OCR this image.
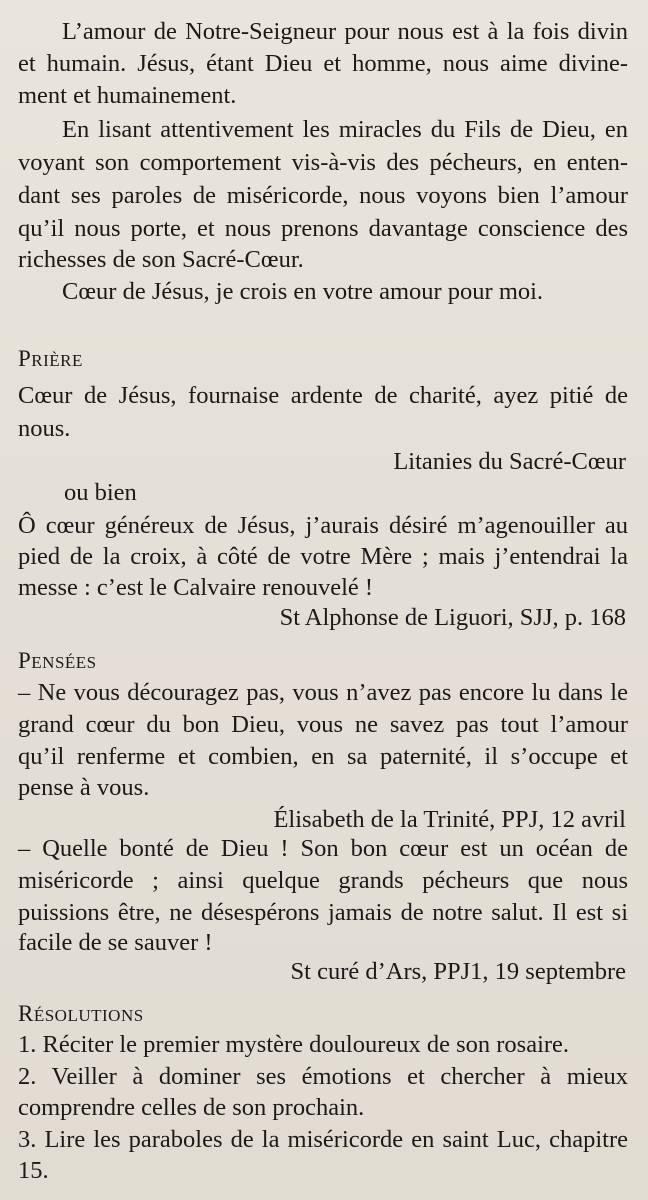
L’amour de Notre-Seigneur pour nous est à la fois divin

et humain. Jésus, étant Dieu et homme, nous aime divine-

ment et humainement.

En lisant attentivement les miracles du Fils de Dieu, en

voyant son comportement vis-à-vis des pécheurs, en enten-

dant ses paroles de miséricorde, nous voyons bien l’amour

qu’il nous porte, et nous prenons davantage conscience des

richesses de son Sacré-Cœur.

Cœur de Jésus, je crois en votre amour pour moi.

PRIÈRE

Cœur de Jésus, fournaise ardente de charité, ayez pitié de

nous.

Litanies du Sacré-Cœur

ou bien

Ô cœur généreux de Jésus, j’aurais désiré m’agenouiller au

pied de la croix, à côté de votre Mère ; mais j’entendrai la

messe : c’est le Calvaire renouvelé !

St Alphonse de Liguori, SJJ, p. 168

PENSÉES

– Ne vous découragez pas, vous n’avez pas encore lu dans le

grand cœur du bon Dieu, vous ne savez pas tout l’amour

qu’il renferme et combien, en sa paternité, il s’occupe et

pense à vous.

Élisabeth de la Trinité, PPJ, 12 avril

– Quelle bonté de Dieu ! Son bon cœur est un océan de

miséricorde ; ainsi quelque grands pécheurs que nous

puissions être, ne désespérons jamais de notre salut. Il est si

facile de se sauver !

St curé d’Ars, PPJ1, 19 septembre

RÉSOLUTIONS

1. Réciter le premier mystère douloureux de son rosaire.

2. Veiller à dominer ses émotions et chercher à mieux

comprendre celles de son prochain.

3. Lire les paraboles de la miséricorde en saint Luc, chapitre

15.
